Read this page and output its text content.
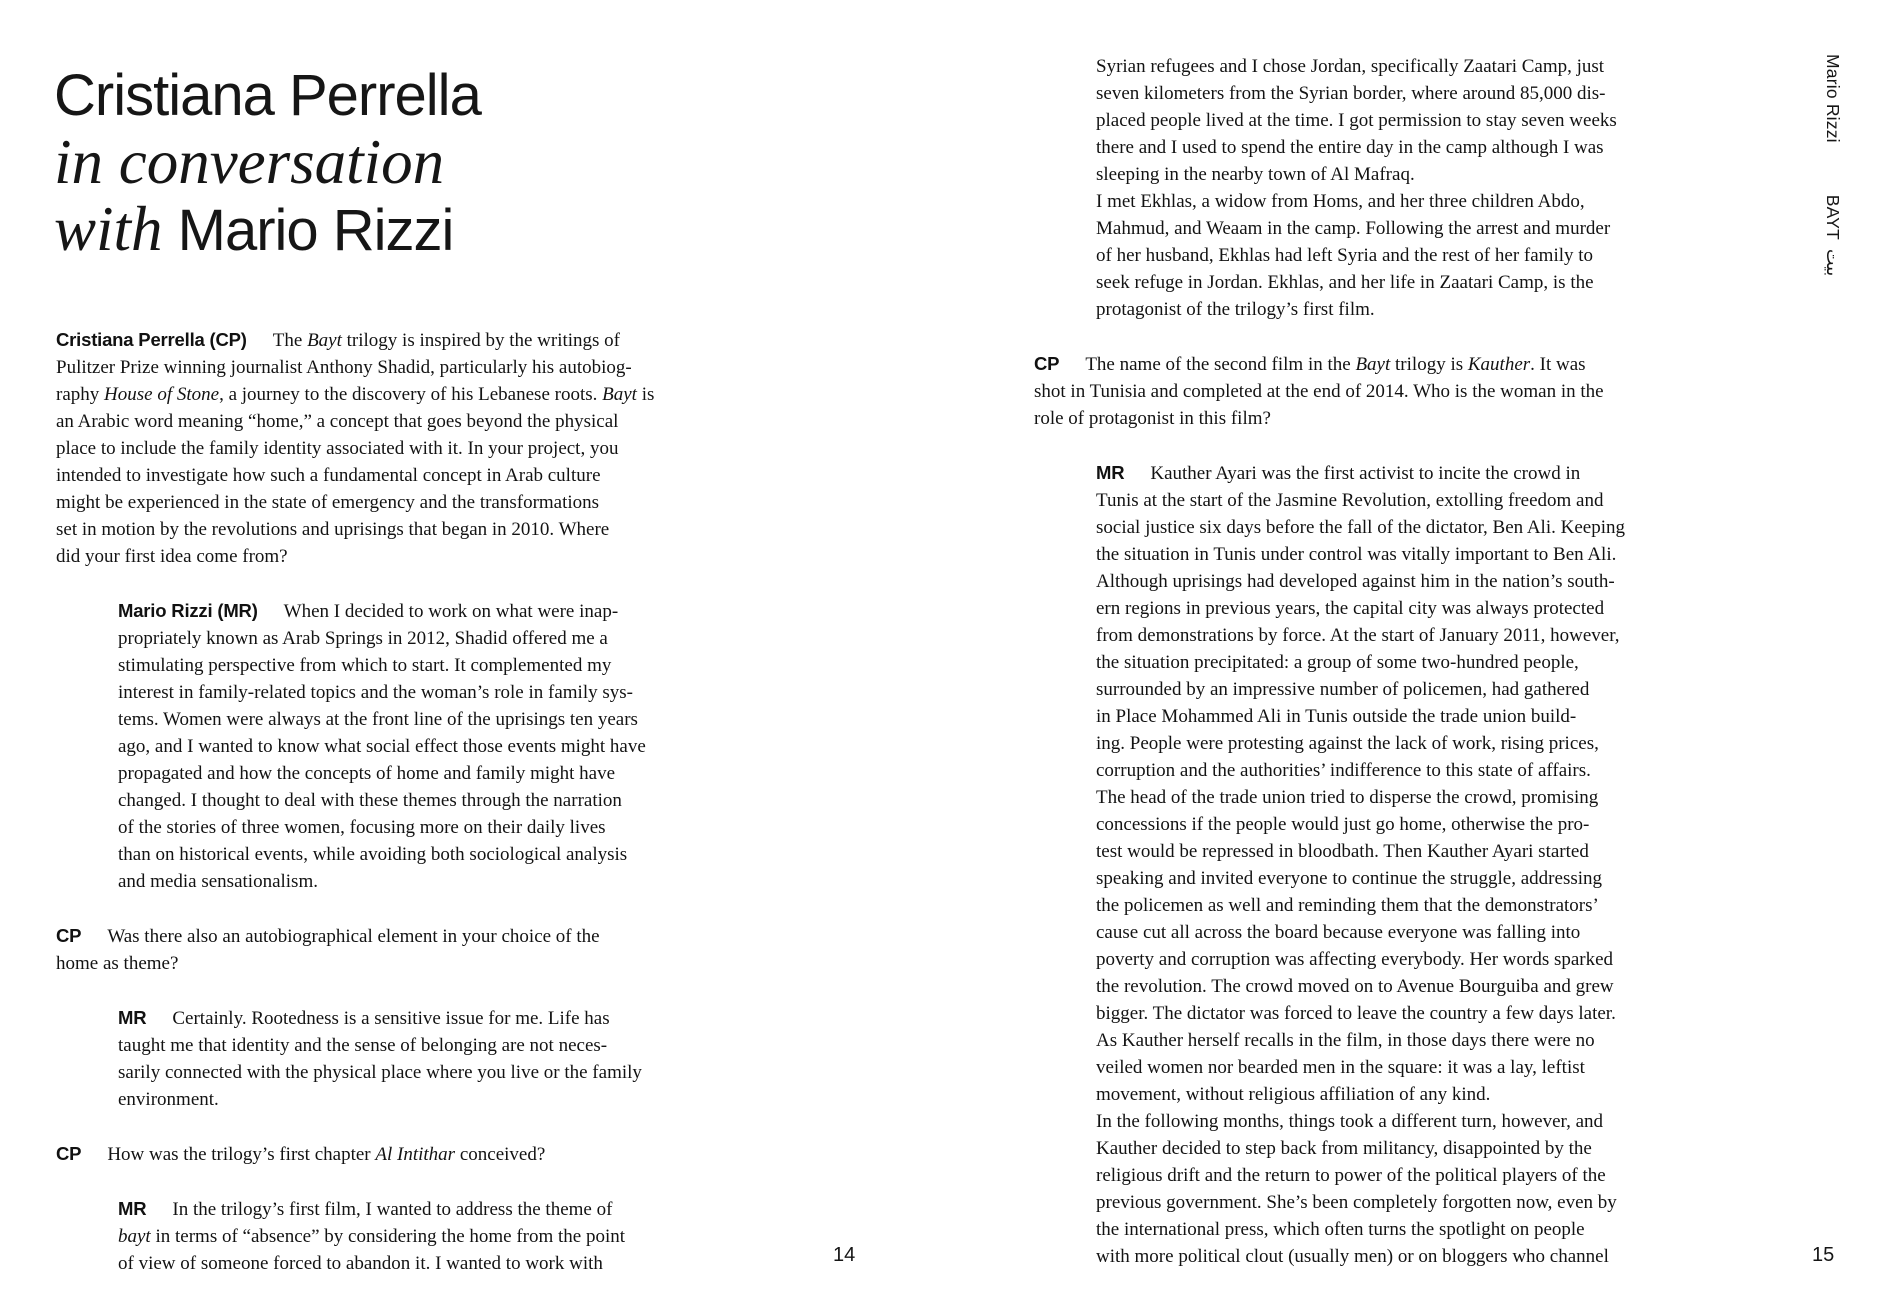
Cristiana Perrella
in conversation
with Mario Rizzi
Cristiana Perrella (CP) The Bayt trilogy is inspired by the writings of
Pulitzer Prize winning journalist Anthony Shadid, particularly his autobiog-
raphy House of Stone, a journey to the discovery of his Lebanese roots. Bayt is
an Arabic word meaning “home,” a concept that goes beyond the physical
place to include the family identity associated with it. In your project, you
intended to investigate how such a fundamental concept in Arab culture
might be experienced in the state of emergency and the transformations
set in motion by the revolutions and uprisings that began in 2010. Where
did your first idea come from?
Mario Rizzi (MR) When I decided to work on what were inap-
propriately known as Arab Springs in 2012, Shadid offered me a
stimulating perspective from which to start. It complemented my
interest in family-related topics and the woman’s role in family sys-
tems. Women were always at the front line of the uprisings ten years
ago, and I wanted to know what social effect those events might have
propagated and how the concepts of home and family might have
changed. I thought to deal with these themes through the narration
of the stories of three women, focusing more on their daily lives
than on historical events, while avoiding both sociological analysis
and media sensationalism.
CP Was there also an autobiographical element in your choice of the
home as theme?
MR Certainly. Rootedness is a sensitive issue for me. Life has
taught me that identity and the sense of belonging are not neces-
sarily connected with the physical place where you live or the family
environment.
CP How was the trilogy’s first chapter Al Intithar conceived?
MR In the trilogy’s first film, I wanted to address the theme of
bayt in terms of “absence” by considering the home from the point
of view of someone forced to abandon it. I wanted to work with	14
Syrian refugees and I chose Jordan, specifically Zaatari Camp, just
seven kilometers from the Syrian border, where around 85,000 dis-
placed people lived at the time. I got permission to stay seven weeks
there and I used to spend the entire day in the camp although I was
sleeping in the nearby town of Al Mafraq.
I met Ekhlas, a widow from Homs, and her three children Abdo,
Mahmud, and Weaam in the camp. Following the arrest and murder
of her husband, Ekhlas had left Syria and the rest of her family to
seek refuge in Jordan. Ekhlas, and her life in Zaatari Camp, is the
protagonist of the trilogy’s first film.
CP The name of the second film in the Bayt trilogy is Kauther. It was
shot in Tunisia and completed at the end of 2014. Who is the woman in the
role of protagonist in this film?
MR Kauther Ayari was the first activist to incite the crowd in
Tunis at the start of the Jasmine Revolution, extolling freedom and
social justice six days before the fall of the dictator, Ben Ali. Keeping
the situation in Tunis under control was vitally important to Ben Ali.
Although uprisings had developed against him in the nation’s south-
ern regions in previous years, the capital city was always protected
from demonstrations by force. At the start of January 2011, however,
the situation precipitated: a group of some two-hundred people,
surrounded by an impressive number of policemen, had gathered
in Place Mohammed Ali in Tunis outside the trade union build-
ing. People were protesting against the lack of work, rising prices,
corruption and the authorities’ indifference to this state of affairs.
The head of the trade union tried to disperse the crowd, promising
concessions if the people would just go home, otherwise the pro-
test would be repressed in bloodbath. Then Kauther Ayari started
speaking and invited everyone to continue the struggle, addressing
the policemen as well and reminding them that the demonstrators’
cause cut all across the board because everyone was falling into
poverty and corruption was affecting everybody. Her words sparked
the revolution. The crowd moved on to Avenue Bourguiba and grew
bigger. The dictator was forced to leave the country a few days later.
As Kauther herself recalls in the film, in those days there were no
veiled women nor bearded men in the square: it was a lay, leftist
movement, without religious affiliation of any kind.
In the following months, things took a different turn, however, and
Kauther decided to step back from militancy, disappointed by the
religious drift and the return to power of the political players of the
previous government. She’s been completely forgotten now, even by
the international press, which often turns the spotlight on people
with more political clout (usually men) or on bloggers who channel	15
Mario RizziBAYTبيت
